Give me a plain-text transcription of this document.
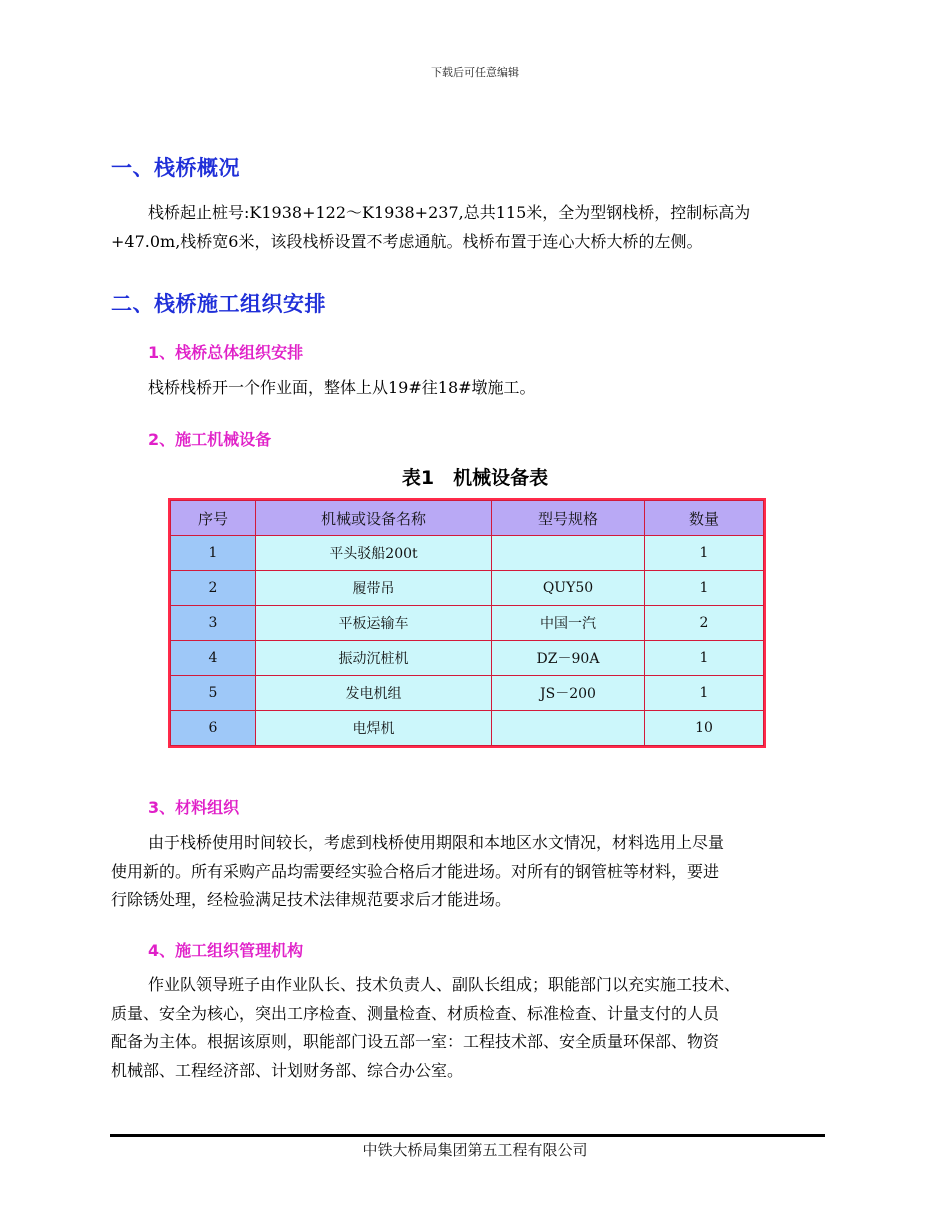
下载后可任意编辑
一、栈桥概况
栈桥起止桩号:K1938+122～K1938+237,总共115米，全为型钢栈桥，控制标高为
+47.0m,栈桥宽6米，该段栈桥设置不考虑通航。栈桥布置于连心大桥大桥的左侧。
二、栈桥施工组织安排
1、栈桥总体组织安排
栈桥栈桥开一个作业面，整体上从19#往18#墩施工。
2、施工机械设备
表1　机械设备表
序号	机械或设备名称	型号规格	数量
1	平头驳船200t		1
2	履带吊	QUY50	1
3	平板运输车	中国一汽	2
4	振动沉桩机	DZ－90A	1
5	发电机组	JS－200	1
6	电焊机		10
3、材料组织
由于栈桥使用时间较长，考虑到栈桥使用期限和本地区水文情况，材料选用上尽量
使用新的。所有采购产品均需要经实验合格后才能进场。对所有的钢管桩等材料，要进
行除锈处理，经检验满足技术法律规范要求后才能进场。
4、施工组织管理机构
作业队领导班子由作业队长、技术负责人、副队长组成；职能部门以充实施工技术、
质量、安全为核心，突出工序检查、测量检查、材质检查、标准检查、计量支付的人员
配备为主体。根据该原则，职能部门设五部一室：工程技术部、安全质量环保部、物资
机械部、工程经济部、计划财务部、综合办公室。
中铁大桥局集团第五工程有限公司
